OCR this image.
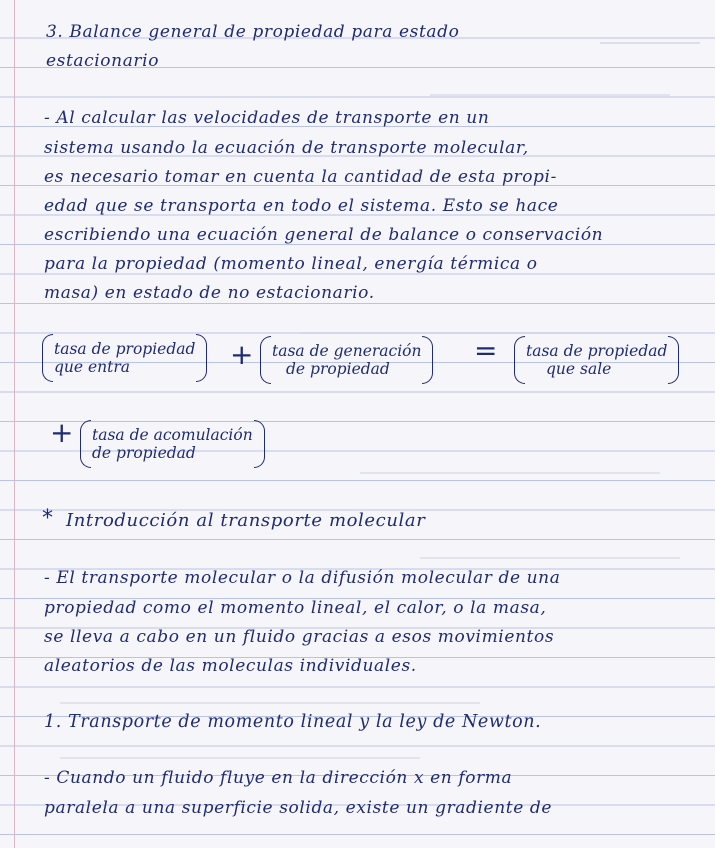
3. Balance general de propiedad para estado
estacionario
- Al calcular las velocidades de transporte en un
sistema usando la ecuación de transporte molecular,
es necesario tomar en cuenta la cantidad de esta propi-
edad que se transporta en todo el sistema. Esto se hace
escribiendo una ecuación general de balance o conservación
para la propiedad (momento lineal, energía térmica o
masa) en estado de no estacionario.
tasa de propiedad
que entra	+ tasa de generación
de propiedad
= tasa de propiedad
que sale
+ tasa de acomulación
de propiedad
* Introducción al transporte molecular
- El transporte molecular o la difusión molecular de una
propiedad como el momento lineal, el calor, o la masa,
se lleva a cabo en un fluido gracias a esos movimientos
aleatorios de las moleculas individuales.
1. Transporte de momento lineal y la ley de Newton.
- Cuando un fluido fluye en la dirección x en forma
paralela a una superficie solida, existe un gradiente de
